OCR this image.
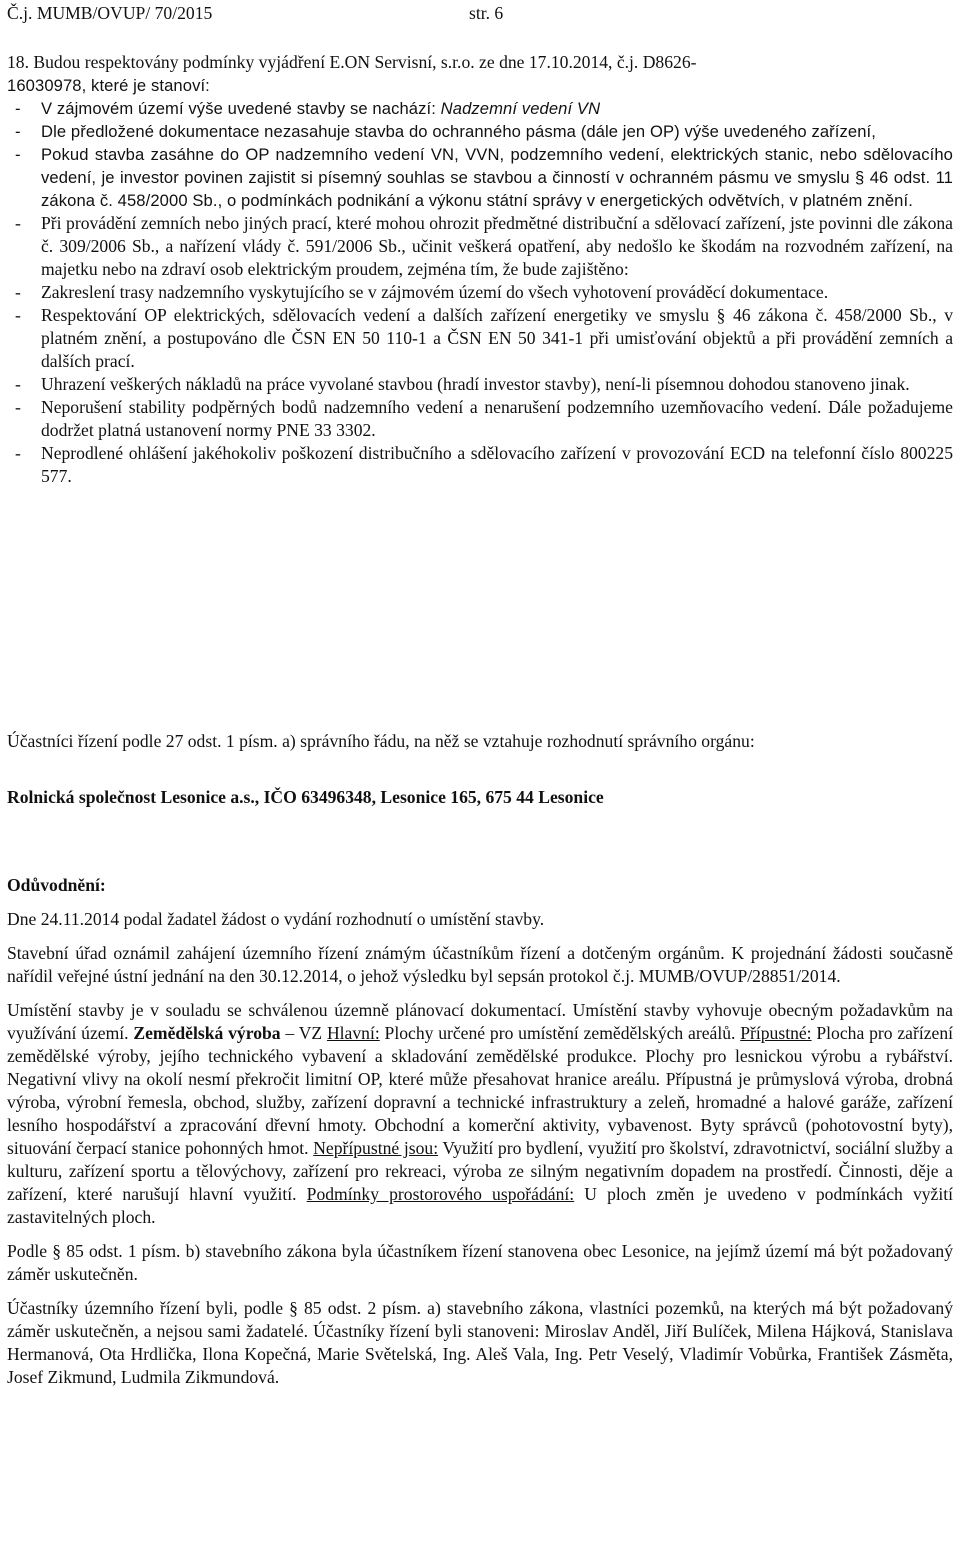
Č.j. MUMB/OVUP/ 70/2015	str. 6
18. Budou respektovány podmínky vyjádření E.ON Servisní, s.r.o. ze dne 17.10.2014, č.j. D8626-
16030978, které je stanoví:
- V zájmovém území výše uvedené stavby se nachází: Nadzemní vedení VN
- Dle předložené dokumentace nezasahuje stavba do ochranného pásma (dále jen OP) výše uvedeného zařízení,
- Pokud stavba zasáhne do OP nadzemního vedení VN, VVN, podzemního vedení, elektrických stanic, nebo sdělovacího vedení, je investor povinen zajistit si písemný souhlas se stavbou a činností v ochranném pásmu ve smyslu § 46 odst. 11 zákona č. 458/2000 Sb., o podmínkách podnikání a výkonu státní správy v energetických odvětvích, v platném znění.
- Při provádění zemních nebo jiných prací, které mohou ohrozit předmětné distribuční a sdělovací zařízení, jste povinni dle zákona č. 309/2006 Sb., a nařízení vlády č. 591/2006 Sb., učinit veškerá opatření, aby nedošlo ke škodám na rozvodném zařízení, na majetku nebo na zdraví osob elektrickým proudem, zejména tím, že bude zajištěno:
- Zakreslení trasy nadzemního vyskytujícího se v zájmovém území do všech vyhotovení prováděcí dokumentace.
- Respektování OP elektrických, sdělovacích vedení a dalších zařízení energetiky ve smyslu § 46 zákona č. 458/2000 Sb., v platném znění, a postupováno dle ČSN EN 50 110-1 a ČSN EN 50 341-1 při umisťování objektů a při provádění zemních a dalších prací.
- Uhrazení veškerých nákladů na práce vyvolané stavbou (hradí investor stavby), není-li písemnou dohodou stanoveno jinak.
- Neporušení stability podpěrných bodů nadzemního vedení a nenarušení podzemního uzemňovacího vedení. Dále požadujeme dodržet platná ustanovení normy PNE 33 3302.
- Neprodlené ohlášení jakéhokoliv poškození distribučního a sdělovacího zařízení v provozování ECD na telefonní číslo 800225 577.

Účastníci řízení podle 27 odst. 1 písm. a) správního řádu, na něž se vztahuje rozhodnutí správního orgánu:

Rolnická společnost Lesonice a.s., IČO 63496348, Lesonice 165, 675 44 Lesonice

Odůvodnění:

Dne 24.11.2014 podal žadatel žádost o vydání rozhodnutí o umístění stavby.

Stavební úřad oznámil zahájení územního řízení známým účastníkům řízení a dotčeným orgánům. K projednání žádosti současně nařídil veřejné ústní jednání na den 30.12.2014, o jehož výsledku byl sepsán protokol č.j. MUMB/OVUP/28851/2014.

Umístění stavby je v souladu se schválenou územně plánovací dokumentací. Umístění stavby vyhovuje obecným požadavkům na využívání území. Zemědělská výroba – VZ Hlavní: Plochy určené pro umístění zemědělských areálů. Přípustné: Plocha pro zařízení zemědělské výroby, jejího technického vybavení a skladování zemědělské produkce. Plochy pro lesnickou výrobu a rybářství. Negativní vlivy na okolí nesmí překročit limitní OP, které může přesahovat hranice areálu. Přípustná je průmyslová výroba, drobná výroba, výrobní řemesla, obchod, služby, zařízení dopravní a technické infrastruktury a zeleň, hromadné a halové garáže, zařízení lesního hospodářství a zpracování dřevní hmoty. Obchodní a komerční aktivity, vybavenost. Byty správců (pohotovostní byty), situování čerpací stanice pohonných hmot. Nepřípustné jsou: Využití pro bydlení, využití pro školství, zdravotnictví, sociální služby a kulturu, zařízení sportu a tělovýchovy, zařízení pro rekreaci, výroba ze silným negativním dopadem na prostředí. Činnosti, děje a zařízení, které narušují hlavní využití. Podmínky prostorového uspořádání: U ploch změn je uvedeno v podmínkách vyžití zastavitelných ploch.

Podle § 85 odst. 1 písm. b) stavebního zákona byla účastníkem řízení stanovena obec Lesonice, na jejímž území má být požadovaný záměr uskutečněn.

Účastníky územního řízení byli, podle § 85 odst. 2 písm. a) stavebního zákona, vlastníci pozemků, na kterých má být požadovaný záměr uskutečněn, a nejsou sami žadatelé. Účastníky řízení byli stanoveni: Miroslav Anděl, Jiří Bulíček, Milena Hájková, Stanislava Hermanová, Ota Hrdlička, Ilona Kopečná, Marie Světelská, Ing. Aleš Vala, Ing. Petr Veselý, Vladimír Vobůrka, František Zásměta, Josef Zikmund, Ludmila Zikmundová.
